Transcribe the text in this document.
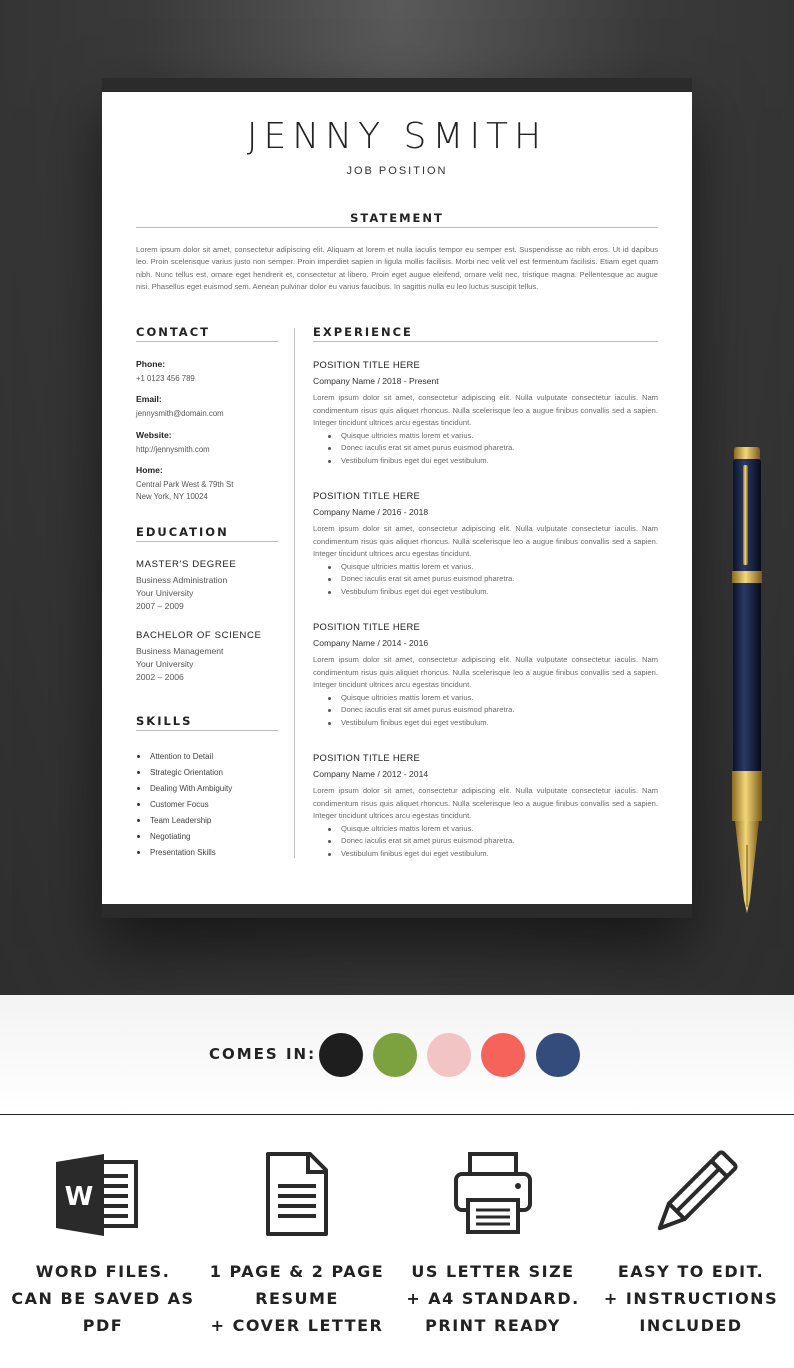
JENNY SMITH
JOB POSITION
STATEMENT
Lorem ipsum dolor sit amet, consectetur adipiscing elit. Aliquam at lorem et nulla iaculis tempor eu semper est. Suspendisse ac nibh eros. Ut id dapibus leo. Proin scelerisque varius justo non semper. Proin imperdiet sapien in ligula mollis facilisis. Morbi nec velit vel est fermentum facilisis. Etiam eget quam nibh. Nunc tellus est, ornare eget hendrerit et, consectetur at libero. Proin eget augue eleifend, ornare velit nec, tristique magna. Pellentesque ac augue nisi. Phasellus eget euismod sem. Aenean pulvinar dolor eu varius faucibus. In sagittis nulla eu leo luctus suscipit tellus.
CONTACT
Phone:
+1 0123 456 789
Email:
jennysmith@domain.com
Website:
http://jennysmith.com
Home:
Central Park West & 79th St
New York, NY 10024
EDUCATION
MASTER'S DEGREE
Business Administration
Your University
2007 – 2009
BACHELOR OF SCIENCE
Business Management
Your University
2002 – 2006
SKILLS
Attention to Detail
Strategic Orientation
Dealing With Ambiguity
Customer Focus
Team Leadership
Negotiating
Presentation Skills
EXPERIENCE
POSITION TITLE HERE
Company Name / 2018 - Present
Lorem ipsum dolor sit amet, consectetur adipiscing elit. Nulla vulputate consectetur iaculis. Nam condimentum risus quis aliquet rhoncus. Nulla scelerisque leo a augue finibus convallis sed a sapien. Integer tincidunt ultrices arcu egestas tincidunt.
Quisque ultricies mattis lorem et varius.
Donec iaculis erat sit amet purus euismod pharetra.
Vestibulum finibus eget dui eget vestibulum.
POSITION TITLE HERE
Company Name / 2016 - 2018
Lorem ipsum dolor sit amet, consectetur adipiscing elit. Nulla vulputate consectetur iaculis. Nam condimentum risus quis aliquet rhoncus. Nulla scelerisque leo a augue finibus convallis sed a sapien. Integer tincidunt ultrices arcu egestas tincidunt.
Quisque ultricies mattis lorem et varius.
Donec iaculis erat sit amet purus euismod pharetra.
Vestibulum finibus eget dui eget vestibulum.
POSITION TITLE HERE
Company Name / 2014 - 2016
Lorem ipsum dolor sit amet, consectetur adipiscing elit. Nulla vulputate consectetur iaculis. Nam condimentum risus quis aliquet rhoncus. Nulla scelerisque leo a augue finibus convallis sed a sapien. Integer tincidunt ultrices arcu egestas tincidunt.
Quisque ultricies mattis lorem et varius.
Donec iaculis erat sit amet purus euismod pharetra.
Vestibulum finibus eget dui eget vestibulum.
POSITION TITLE HERE
Company Name / 2012 - 2014
Lorem ipsum dolor sit amet, consectetur adipiscing elit. Nulla vulputate consectetur iaculis. Nam condimentum risus quis aliquet rhoncus. Nulla scelerisque leo a augue finibus convallis sed a sapien. Integer tincidunt ultrices arcu egestas tincidunt.
Quisque ultricies mattis lorem et varius.
Donec iaculis erat sit amet purus euismod pharetra.
Vestibulum finibus eget dui eget vestibulum.
COMES IN:
W
WORD FILES.
CAN BE SAVED AS
PDF
1 PAGE & 2 PAGE
RESUME
+ COVER LETTER
US LETTER SIZE
+ A4 STANDARD.
PRINT READY
EASY TO EDIT.
+ INSTRUCTIONS
INCLUDED
